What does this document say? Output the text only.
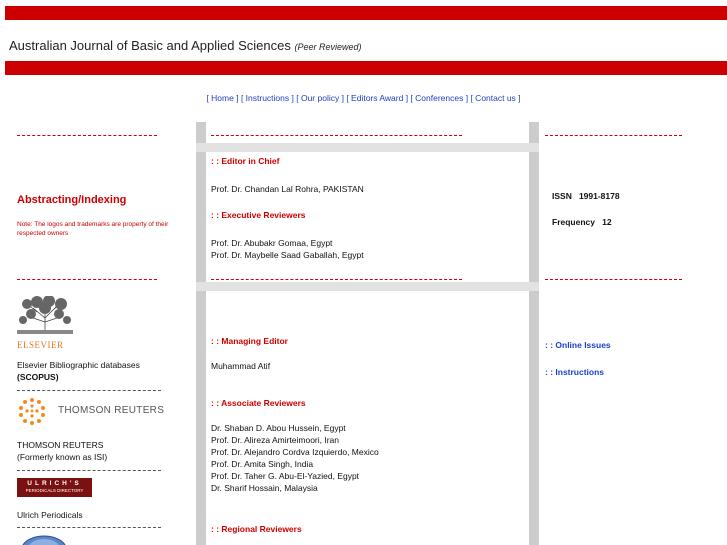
Australian Journal of Basic and Applied Sciences (Peer Reviewed)
[ Home ] [ Instructions ] [ Our policy ] [ Editors Award ] [ Conferences ] [ Contact us ]
Abstracting/Indexing
Note: The logos and trademarks are property of their respected owners
ELSEVIER
Elsevier Bibliographic databases
(SCOPUS)
THOMSON REUTERS
THOMSON REUTERS
(Formerly known as ISI)
ULRICH'S
PERIODICALS DIRECTORY
Ulrich Periodicals
: : Editor in Chief
Prof. Dr. Chandan Lal Rohra, PAKISTAN
: : Executive Reviewers
Prof. Dr. Abubakr Gomaa, Egypt
Prof. Dr. Maybelle Saad Gaballah, Egypt
: : Managing Editor
Muhammad Atif
: : Associate Reviewers
Dr. Shaban D. Abou Hussein, Egypt
Prof. Dr. Alireza Amirteimoori, Iran
Prof. Dr. Alejandro Cordva Izquierdo, Mexico
Prof. Dr. Amita Singh, India
Prof. Dr. Taher G. Abu-El-Yazied, Egypt
Dr. Sharif Hossain, Malaysia
: : Regional Reviewers
ISSN 1991-8178
Frequency 12
: : Online Issues
: : Instructions
